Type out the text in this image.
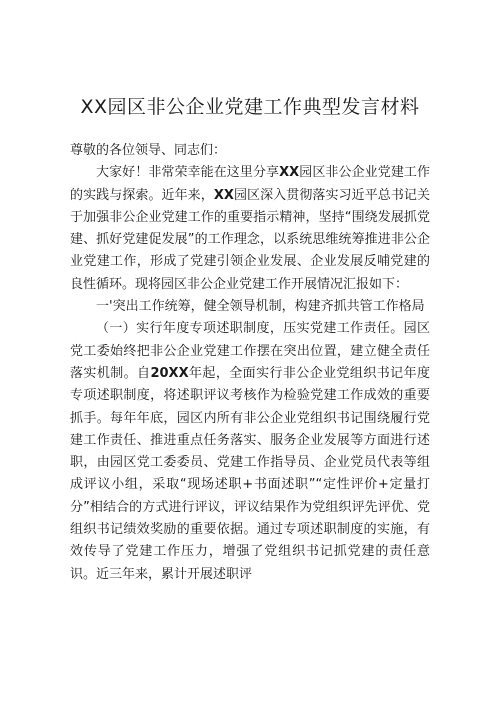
XX园区非公企业党建工作典型发言材料

尊敬的各位领导、同志们：

大家好！非常荣幸能在这里分享XX园区非公企业党建工作的实践与探索。近年来，XX园区深入贯彻落实习近平总书记关于加强非公企业党建工作的重要指示精神，坚持“围绕发展抓党建、抓好党建促发展”的工作理念，以系统思维统筹推进非公企业党建工作，形成了党建引领企业发展、企业发展反哺党建的良性循环。现将园区非公企业党建工作开展情况汇报如下：

一'突出工作统筹，健全领导机制，构建齐抓共管工作格局

（一）实行年度专项述职制度，压实党建工作责任。园区党工委始终把非公企业党建工作摆在突出位置，建立健全责任落实机制。自20XX年起，全面实行非公企业党组织书记年度专项述职制度，将述职评议考核作为检验党建工作成效的重要抓手。每年年底，园区内所有非公企业党组织书记围绕履行党建工作责任、推进重点任务落实、服务企业发展等方面进行述职，由园区党工委委员、党建工作指导员、企业党员代表等组成评议小组，采取“现场述职+书面述职”“定性评价+定量打分”相结合的方式进行评议，评议结果作为党组织评先评优、党组织书记绩效奖励的重要依据。通过专项述职制度的实施，有效传导了党建工作压力，增强了党组织书记抓党建的责任意识。近三年来，累计开展述职评
